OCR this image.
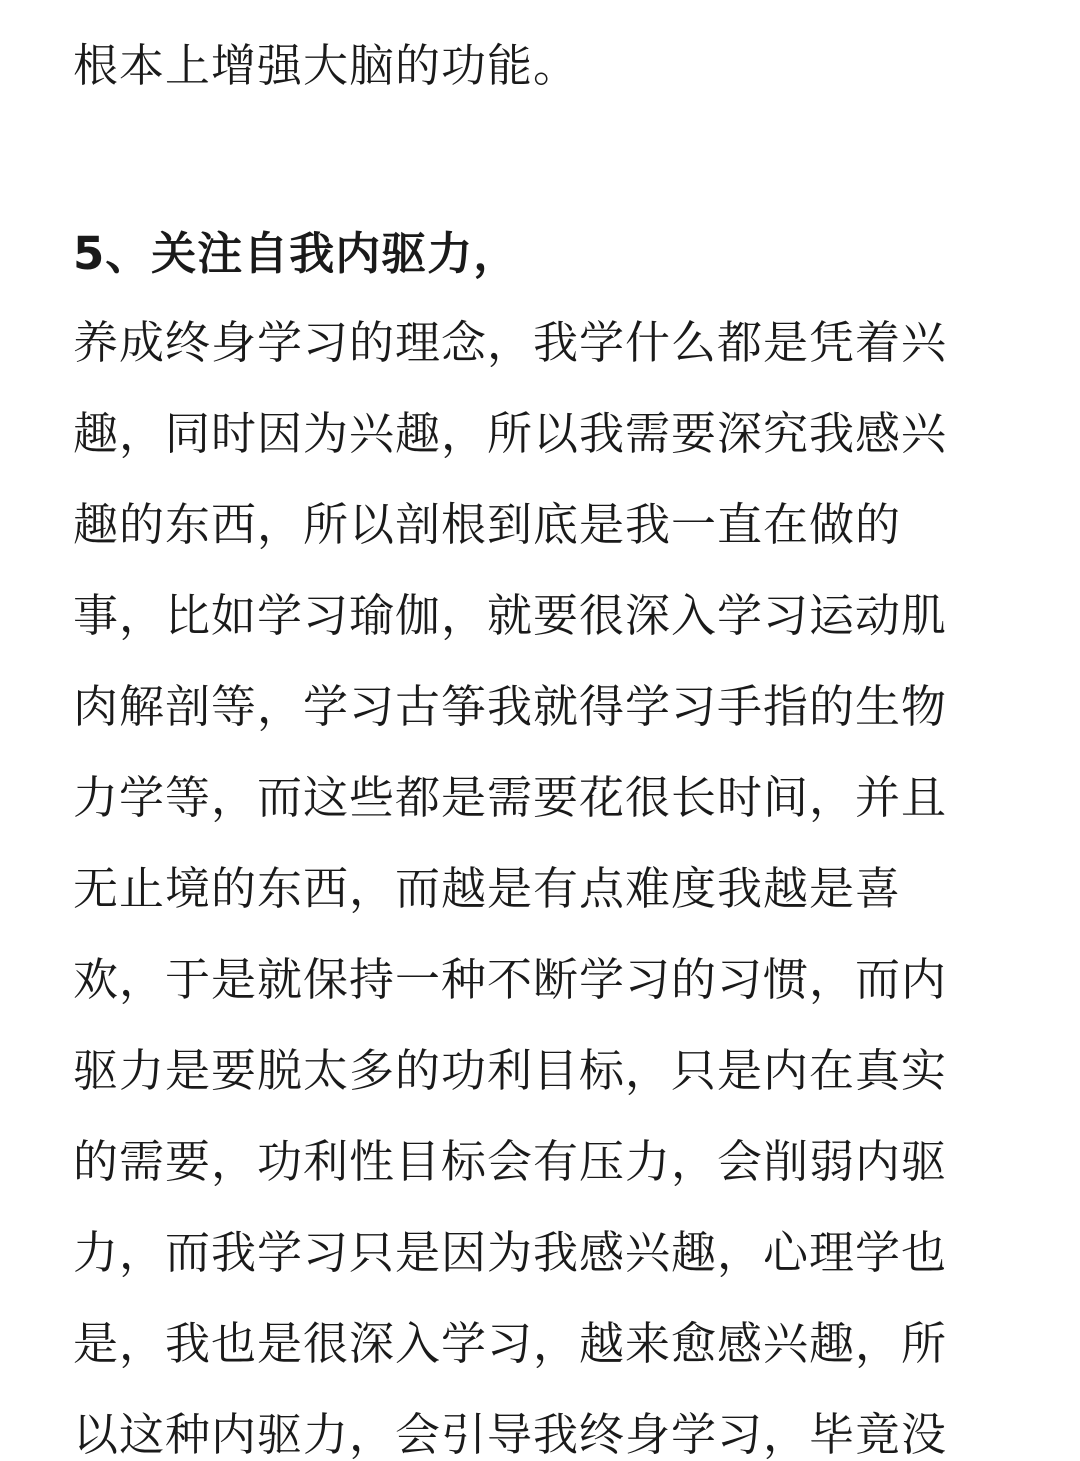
根本上增强大脑的功能。
5、关注自我内驱力，
养成终身学习的理念，我学什么都是凭着兴
趣，同时因为兴趣，所以我需要深究我感兴
趣的东西，所以剖根到底是我一直在做的
事，比如学习瑜伽，就要很深入学习运动肌
肉解剖等，学习古筝我就得学习手指的生物
力学等，而这些都是需要花很长时间，并且
无止境的东西，而越是有点难度我越是喜
欢，于是就保持一种不断学习的习惯，而内
驱力是要脱太多的功利目标，只是内在真实
的需要，功利性目标会有压力，会削弱内驱
力，而我学习只是因为我感兴趣，心理学也
是，我也是很深入学习，越来愈感兴趣，所
以这种内驱力，会引导我终身学习，毕竟没
